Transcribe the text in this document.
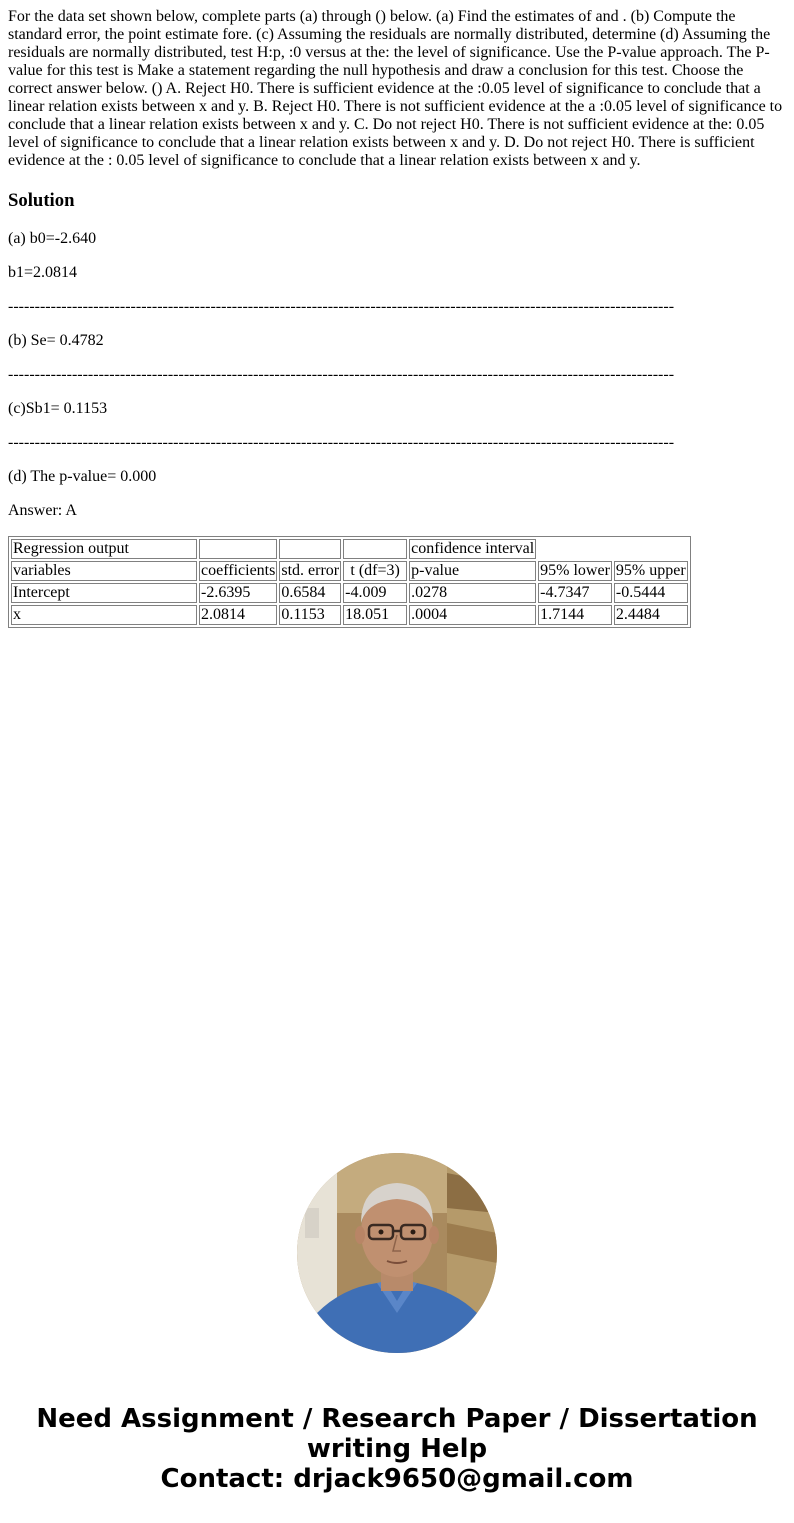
For the data set shown below, complete parts (a) through () below. (a) Find the estimates of and . (b) Compute the standard error, the point estimate fore. (c) Assuming the residuals are normally distributed, determine (d) Assuming the residuals are normally distributed, test H:p, :0 versus at the: the level of significance. Use the P-value approach. The P-value for this test is Make a statement regarding the null hypothesis and draw a conclusion for this test. Choose the correct answer below. () A. Reject H0. There is sufficient evidence at the :0.05 level of significance to conclude that a linear relation exists between x and y. B. Reject H0. There is not sufficient evidence at the a :0.05 level of significance to conclude that a linear relation exists between x and y. C. Do not reject H0. There is not sufficient evidence at the: 0.05 level of significance to conclude that a linear relation exists between x and y. D. Do not reject H0. There is sufficient evidence at the : 0.05 level of significance to conclude that a linear relation exists between x and y.

Solution

(a) b0=-2.640

b1=2.0814

-----------------------------------------------------------------------------------------------------------------------------

(b) Se= 0.4782

-----------------------------------------------------------------------------------------------------------------------------

(c)Sb1= 0.1153

-----------------------------------------------------------------------------------------------------------------------------

(d) The p-value= 0.000

Answer: A

Regression output				confidence interval		
variables	coefficients	std. error	t (df=3)	p-value	95% lower	95% upper
Intercept	-2.6395	0.6584	-4.009	.0278	-4.7347	-0.5444
x	2.0814	0.1153	18.051	.0004	1.7144	2.4484
Need Assignment / Research Paper / Dissertation
writing Help
Contact: drjack9650@gmail.com
